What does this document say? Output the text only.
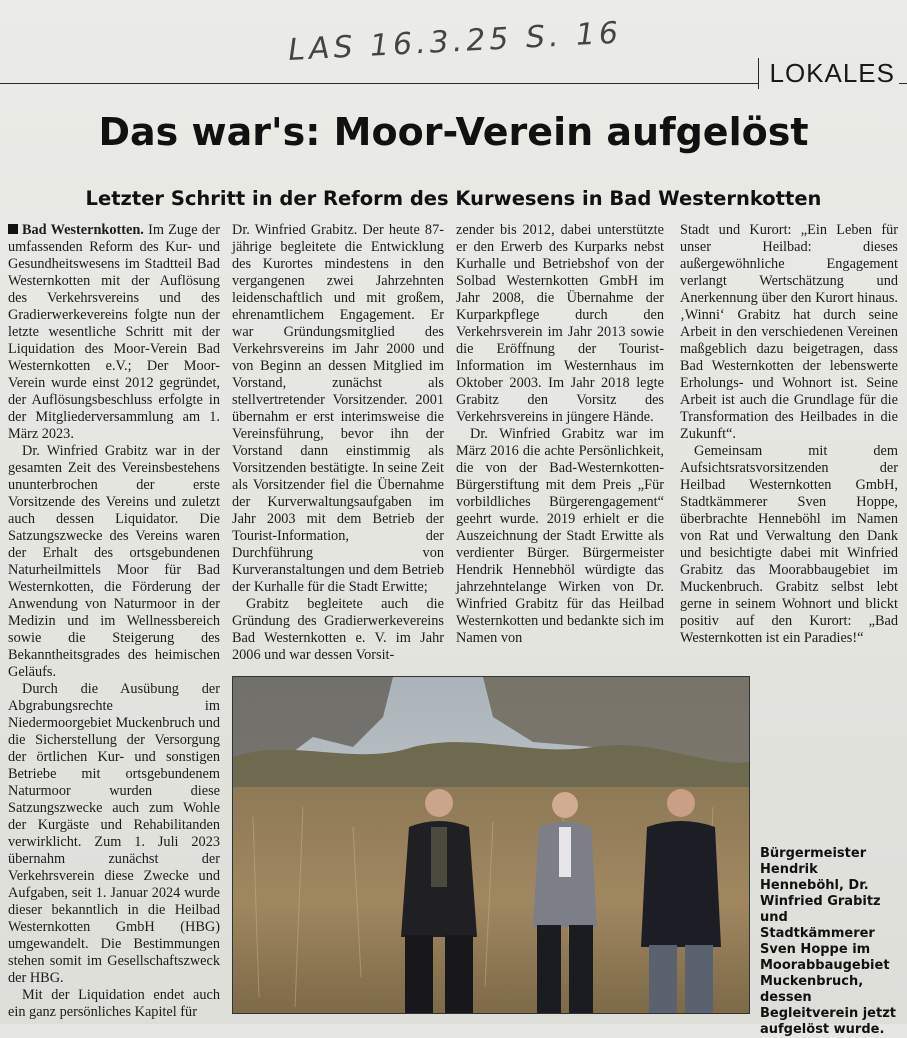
LAS 16.3.25 S. 16
LOKALES
Das war's: Moor-Verein aufgelöst
Letzter Schritt in der Reform des Kurwesens in Bad Westernkotten

Bad Westernkotten. Im Zuge der umfassenden Reform des Kur- und Gesundheitswesens im Stadtteil Bad Westernkotten mit der Auflösung des Verkehrsvereins und des Gradierwerkevereins folgte nun der letzte wesentliche Schritt mit der Liquidation des Moor-Verein Bad Westernkotten e.V.; Der Moor-Verein wurde einst 2012 gegründet, der Auflösungsbeschluss erfolgte in der Mitgliederversammlung am 1. März 2023.

Dr. Winfried Grabitz war in der gesamten Zeit des Vereinsbestehens ununterbrochen der erste Vorsitzende des Vereins und zuletzt auch dessen Liquidator. Die Satzungszwecke des Vereins waren der Erhalt des ortsgebundenen Naturheilmittels Moor für Bad Westernkotten, die Förderung der Anwendung von Naturmoor in der Medizin und im Wellnessbereich sowie die Steigerung des Bekanntheitsgrades des heimischen Geläufs.

Durch die Ausübung der Abgrabungsrechte im Niedermoorgebiet Muckenbruch und die Sicherstellung der Versorgung der örtlichen Kur- und sonstigen Betriebe mit ortsgebundenem Naturmoor wurden diese Satzungszwecke auch zum Wohle der Kurgäste und Rehabilitanden verwirklicht. Zum 1. Juli 2023 übernahm zunächst der Verkehrsverein diese Zwecke und Aufgaben, seit 1. Januar 2024 wurde dieser bekanntlich in die Heilbad Westernkotten GmbH (HBG) umgewandelt. Die Bestimmungen stehen somit im Gesellschaftszweck der HBG.

Mit der Liquidation endet auch ein ganz persönliches Kapitel für

Dr. Winfried Grabitz. Der heute 87-jährige begleitete die Entwicklung des Kurortes mindestens in den vergangenen zwei Jahrzehnten leidenschaftlich und mit großem, ehrenamtlichem Engagement. Er war Gründungsmitglied des Verkehrsvereins im Jahr 2000 und von Beginn an dessen Mitglied im Vorstand, zunächst als stellvertretender Vorsitzender. 2001 übernahm er erst interimsweise die Vereinsführung, bevor ihn der Vorstand dann einstimmig als Vorsitzenden bestätigte. In seine Zeit als Vorsitzender fiel die Übernahme der Kurverwaltungsaufgaben im Jahr 2003 mit dem Betrieb der Tourist-Information, der Durchführung von Kurveranstaltungen und dem Betrieb der Kurhalle für die Stadt Erwitte;

Grabitz begleitete auch die Gründung des Gradierwerkevereins Bad Westernkotten e. V. im Jahr 2006 und war dessen Vorsit-

zender bis 2012, dabei unterstützte er den Erwerb des Kurparks nebst Kurhalle und Betriebshof von der Solbad Westernkotten GmbH im Jahr 2008, die Übernahme der Kurparkpflege durch den Verkehrsverein im Jahr 2013 sowie die Eröffnung der Tourist-Information im Westernhaus im Oktober 2003. Im Jahr 2018 legte Grabitz den Vorsitz des Verkehrsvereins in jüngere Hände.

Dr. Winfried Grabitz war im März 2016 die achte Persönlichkeit, die von der Bad-Westernkotten-Bürgerstiftung mit dem Preis „Für vorbildliches Bürgerengagement“ geehrt wurde. 2019 erhielt er die Auszeichnung der Stadt Erwitte als verdienter Bürger. Bürgermeister Hendrik Hennebhöl würdigte das jahrzehntelange Wirken von Dr. Winfried Grabitz für das Heilbad Westernkotten und bedankte sich im Namen von

Stadt und Kurort: „Ein Leben für unser Heilbad: dieses außergewöhnliche Engagement verlangt Wertschätzung und Anerkennung über den Kurort hinaus. ‚Winni‘ Grabitz hat durch seine Arbeit in den verschiedenen Vereinen maßgeblich dazu beigetragen, dass Bad Westernkotten der lebenswerte Erholungs- und Wohnort ist. Seine Arbeit ist auch die Grundlage für die Transformation des Heilbades in die Zukunft“.

Gemeinsam mit dem Aufsichtsratsvorsitzenden der Heilbad Westernkotten GmbH, Stadtkämmerer Sven Hoppe, überbrachte Henneböhl im Namen von Rat und Verwaltung den Dank und besichtigte dabei mit Winfried Grabitz das Moorabbaugebiet im Muckenbruch. Grabitz selbst lebt gerne in seinem Wohnort und blickt positiv auf den Kurort: „Bad Westernkotten ist ein Paradies!“

Bürgermeister Hendrik Henneböhl, Dr. Winfried Grabitz und Stadtkämmerer Sven Hoppe im Moorabbaugebiet Muckenbruch, dessen Begleitverein jetzt aufgelöst wurde.
